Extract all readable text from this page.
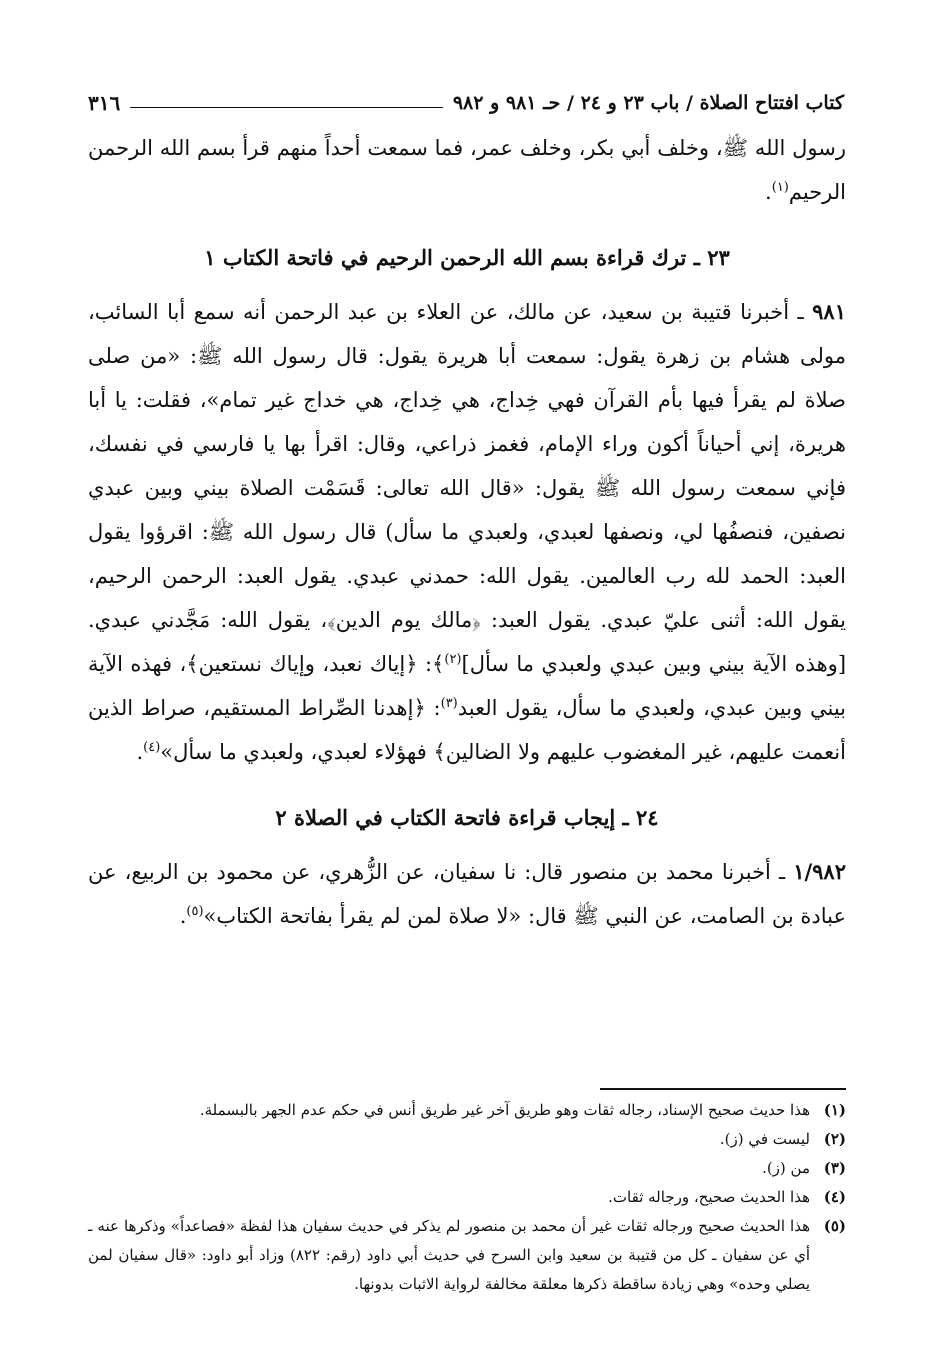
كتاب افتتاح الصلاة / باب ٢٣ و ٢٤ / حـ ٩٨١ و ٩٨٢
٣١٦

رسول الله ﷺ، وخلف أبي بكر، وخلف عمر، فما سمعت أحداً منهم قرأ بسم الله الرحمن الرحيم$^{(١)}$.

٢٣ ـ ترك قراءة بسم الله الرحمن الرحيم في فاتحة الكتاب ١

٩٨١ ـ أخبرنا قتيبة بن سعيد، عن مالك، عن العلاء بن عبد الرحمن أنه سمع أبا السائب، مولى هشام بن زهرة يقول: سمعت أبا هريرة يقول: قال رسول الله ﷺ: «من صلى صلاة لم يقرأ فيها بأم القرآن فهي خِداج، هي خِداج، هي خداج غير تمام»، فقلت: يا أبا هريرة، إني أحياناً أكون وراء الإمام، فغمز ذراعي، وقال: اقرأ بها يا فارسي في نفسك، فإني سمعت رسول الله ﷺ يقول: «قال الله تعالى: قَسَمْت الصلاة بيني وبين عبدي نصفين، فنصفُها لي، ونصفها لعبدي، ولعبدي ما سأل) قال رسول الله ﷺ: اقرؤوا يقول العبد: الحمد لله رب العالمين. يقول الله: حمدني عبدي. يقول العبد: الرحمن الرحيم، يقول الله: أثنى عليّ عبدي. يقول العبد: ﴿مالك يوم الدين﴾، يقول الله: مَجَّدني عبدي. [وهذه الآية بيني وبين عبدي ولعبدي ما سأل]$^{(٢)}$﴾: ﴿إياك نعبد، وإياك نستعين﴾، فهذه الآية بيني وبين عبدي، ولعبدي ما سأل، يقول العبد$^{(٣)}$: ﴿إهدنا الصِّراط المستقيم، صراط الذين أنعمت عليهم، غير المغضوب عليهم ولا الضالين﴾ فهؤلاء لعبدي، ولعبدي ما سأل»$^{(٤)}$.

٢٤ ـ إيجاب قراءة فاتحة الكتاب في الصلاة ٢

١/٩٨٢ ـ أخبرنا محمد بن منصور قال: نا سفيان، عن الزُّهري، عن محمود بن الربيع، عن عبادة بن الصامت، عن النبي ﷺ قال: «لا صلاة لمن لم يقرأ بفاتحة الكتاب»$^{(٥)}$.

(١)
هذا حديث صحيح الإسناد، رجاله ثقات وهو طريق آخر غير طريق أنس في حكم عدم الجهر بالبسملة.
(٢)
ليست في (ز).
(٣)
من (ز).
(٤)
هذا الحديث صحيح، ورجاله ثقات.
(٥)
هذا الحديث صحيح ورجاله ثقات غير أن محمد بن منصور لم يذكر في حديث سفيان هذا لفظة «فصاعداً» وذكرها عنه ـ أي عن سفيان ـ كل من قتيبة بن سعيد وابن السرح في حديث أبي داود (رقم: ٨٢٢) وزاد أبو داود: «قال سفيان لمن يصلي وحده» وهي زيادة ساقطة ذكرها معلقة مخالفة لرواية الاثبات بدونها.
